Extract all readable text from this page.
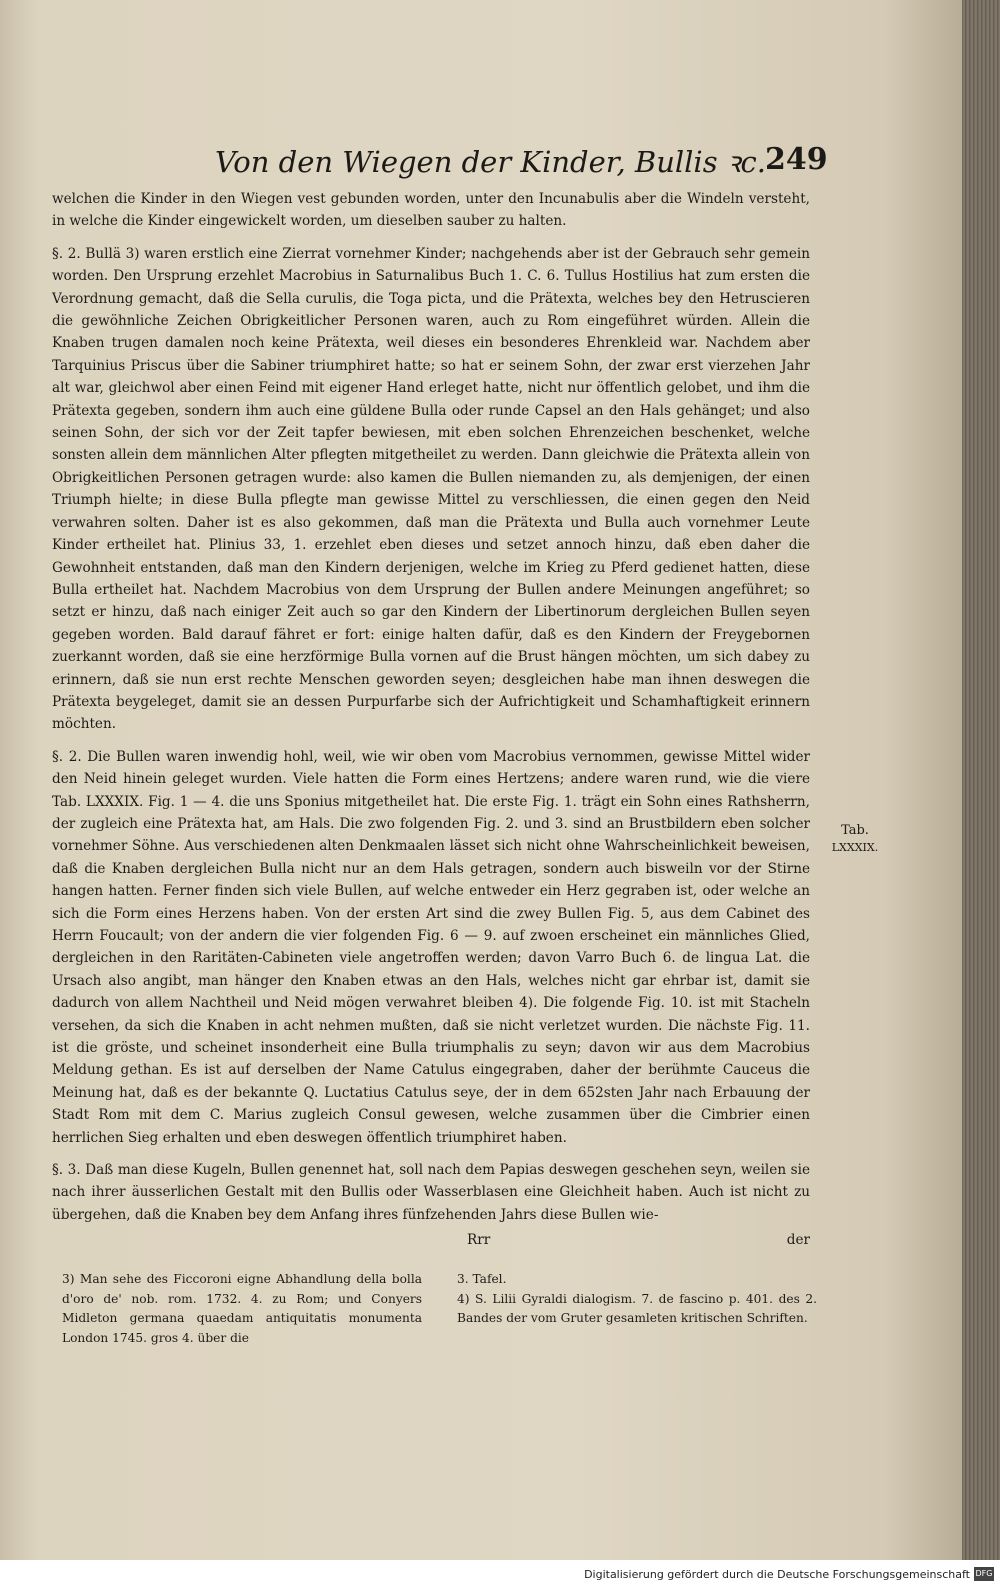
Von den Wiegen der Kinder, Bullis ꝛc. 249

welchen die Kinder in den Wiegen vest gebunden worden, unter den Incunabulis aber die Windeln versteht, in welche die Kinder eingewickelt worden, um dieselben sauber zu halten.

§. 2. Bullä 3) waren erstlich eine Zierrat vornehmer Kinder; nachgehends aber ist der Gebrauch sehr gemein worden. Den Ursprung erzehlet Macrobius in Saturnalibus Buch 1. C. 6. Tullus Hostilius hat zum ersten die Verordnung gemacht, daß die Sella curulis, die Toga picta, und die Prätexta, welches bey den Hetruscieren die gewöhnliche Zeichen Obrigkeitlicher Personen waren, auch zu Rom eingeführet würden. Allein die Knaben trugen damalen noch keine Prätexta, weil dieses ein besonderes Ehrenkleid war. Nachdem aber Tarquinius Priscus über die Sabiner triumphiret hatte; so hat er seinem Sohn, der zwar erst vierzehen Jahr alt war, gleichwol aber einen Feind mit eigener Hand erleget hatte, nicht nur öffentlich gelobet, und ihm die Prätexta gegeben, sondern ihm auch eine güldene Bulla oder runde Capsel an den Hals gehänget; und also seinen Sohn, der sich vor der Zeit tapfer bewiesen, mit eben solchen Ehrenzeichen beschenket, welche sonsten allein dem männlichen Alter pflegten mitgetheilet zu werden. Dann gleichwie die Prätexta allein von Obrigkeitlichen Personen getragen wurde: also kamen die Bullen niemanden zu, als demjenigen, der einen Triumph hielte; in diese Bulla pflegte man gewisse Mittel zu verschliessen, die einen gegen den Neid verwahren solten. Daher ist es also gekommen, daß man die Prätexta und Bulla auch vornehmer Leute Kinder ertheilet hat. Plinius 33, 1. erzehlet eben dieses und setzet annoch hinzu, daß eben daher die Gewohnheit entstanden, daß man den Kindern derjenigen, welche im Krieg zu Pferd gedienet hatten, diese Bulla ertheilet hat. Nachdem Macrobius von dem Ursprung der Bullen andere Meinungen angeführet; so setzt er hinzu, daß nach einiger Zeit auch so gar den Kindern der Libertinorum dergleichen Bullen seyen gegeben worden. Bald darauf fähret er fort: einige halten dafür, daß es den Kindern der Freygebornen zuerkannt worden, daß sie eine herzförmige Bulla vornen auf die Brust hängen möchten, um sich dabey zu erinnern, daß sie nun erst rechte Menschen geworden seyen; desgleichen habe man ihnen deswegen die Prätexta beygeleget, damit sie an dessen Purpurfarbe sich der Aufrichtigkeit und Schamhaftigkeit erinnern möchten.

§. 2. Die Bullen waren inwendig hohl, weil, wie wir oben vom Macrobius vernommen, gewisse Mittel wider den Neid hinein geleget wurden. Viele hatten die Form eines Hertzens; andere waren rund, wie die viere Tab. LXXXIX. Fig. 1 — 4. die uns Sponius mitgetheilet hat. Die erste Fig. 1. trägt ein Sohn eines Rathsherrn, der zugleich eine Prätexta hat, am Hals. Die zwo folgenden Fig. 2. und 3. sind an Brustbildern eben solcher vornehmer Söhne. Aus verschiedenen alten Denkmaalen lässet sich nicht ohne Wahrscheinlichkeit beweisen, daß die Knaben dergleichen Bulla nicht nur an dem Hals getragen, sondern auch bisweiln vor der Stirne hangen hatten. Ferner finden sich viele Bullen, auf welche entweder ein Herz gegraben ist, oder welche an sich die Form eines Herzens haben. Von der ersten Art sind die zwey Bullen Fig. 5, aus dem Cabinet des Herrn Foucault; von der andern die vier folgenden Fig. 6 — 9. auf zwoen erscheinet ein männliches Glied, dergleichen in den Raritäten-Cabineten viele angetroffen werden; davon Varro Buch 6. de lingua Lat. die Ursach also angibt, man hänger den Knaben etwas an den Hals, welches nicht gar ehrbar ist, damit sie dadurch von allem Nachtheil und Neid mögen verwahret bleiben 4). Die folgende Fig. 10. ist mit Stacheln versehen, da sich die Knaben in acht nehmen mußten, daß sie nicht verletzet wurden. Die nächste Fig. 11. ist die gröste, und scheinet insonderheit eine Bulla triumphalis zu seyn; davon wir aus dem Macrobius Meldung gethan. Es ist auf derselben der Name Catulus eingegraben, daher der berühmte Cauceus die Meinung hat, daß es der bekannte Q. Luctatius Catulus seye, der in dem 652sten Jahr nach Erbauung der Stadt Rom mit dem C. Marius zugleich Consul gewesen, welche zusammen über die Cimbrier einen herrlichen Sieg erhalten und eben deswegen öffentlich triumphiret haben.

§. 3. Daß man diese Kugeln, Bullen genennet hat, soll nach dem Papias deswegen geschehen seyn, weilen sie nach ihrer äusserlichen Gestalt mit den Bullis oder Wasserblasen eine Gleichheit haben. Auch ist nicht zu übergehen, daß die Knaben bey dem Anfang ihres fünfzehenden Jahrs diese Bullen wie-

Rrr	der
Tab.
LXXXIX.
3) Man sehe des Ficcoroni eigne Abhandlung della bolla d'oro de' nob. rom. 1732. 4. zu Rom; und Conyers Midleton germana quaedam antiquitatis monumenta London 1745. gros 4. über die
3. Tafel.
4) S. Lilii Gyraldi dialogism. 7. de fascino p. 401. des 2. Bandes der vom Gruter gesamleten kritischen Schriften.
Digitalisierung gefördert durch die Deutsche Forschungsgemeinschaft DFG
